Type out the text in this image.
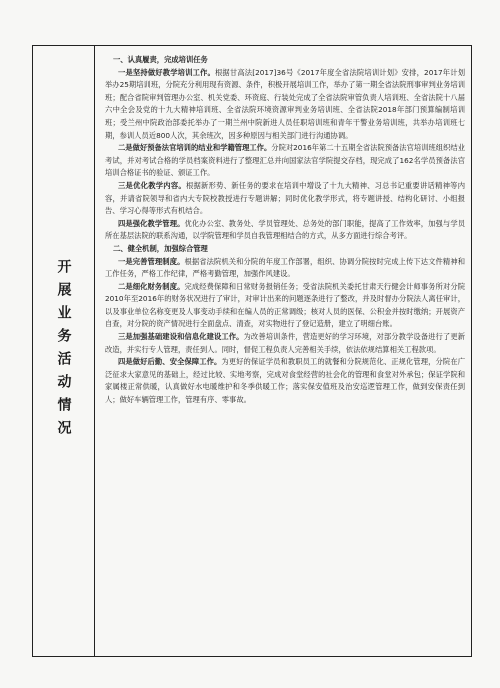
开展业务活动情况

一、认真履责，完成培训任务

一是坚持做好教学培训工作。根据甘高法[2017]36号《2017年度全省法院培训计划》安排，2017年计划举办25期培训班，分院充分利用现有资源、条件，积极开展培训工作，举办了第一期全省法院刑事审判业务培训班；配合省院审判管理办公室、机关党委、环资庭、行装处完成了全省法院审管负责人培训班、全省法院十八届六中全会及党的十九大精神培训班、全省法院环境资源审判业务培训班、全省法院2018年部门预算编制培训班；受兰州中院政治部委托举办了一期兰州中院新进人员任职培训班和青年干警业务培训班，共举办培训班七期，参训人员近800人次，其余班次，因多种原因与相关部门进行沟通协调。

二是做好预备法官培训的结业和学籍管理工作。分院对2016年第二十五期全省法院预备法官培训班组织结业考试，并对考试合格的学员档案资料进行了整理汇总并向国家法官学院提交存档，现完成了162名学员预备法官培训合格证书的验证、颁证工作。

三是优化教学内容。根据新形势、新任务的要求在培训中增设了十九大精神、习总书记重要讲话精神等内容，并请省院领导和省内大专院校教授进行专题讲解；同时优化教学形式，将专题讲授、结构化研讨、小组报告、学习心得等形式有机结合。

四是强化教学管理。优化办公室、教务处、学员管理处、总务处的部门职能，提高了工作效率，加强与学员所在基层法院的联系沟通，以学院管理和学员自我管理相结合的方式，从多方面进行综合考评。

二、健全机制，加强综合管理

一是完善管理制度。根据省法院机关和分院的年度工作部署，组织、协调分院按时完成上传下达文件精神和工作任务，严格工作纪律，严格考勤管理，加强作风建设。

二是细化财务制度。完成经费保障和日常财务报销任务；受省法院机关委托甘肃天行健会计师事务所对分院2010年至2016年的财务状况进行了审计，对审计出来的问题逐条进行了整改，并及时督办分院法人离任审计，以及事业单位名称变更及人事变动手续和在编人员的正常调级；核对人员的医保、公积金并按时缴纳；开展资产自查，对分院的资产情况进行全面盘点、清查，对实物进行了登记造册，建立了明细台账。

三是加强基础建设和信息化建设工作。为改善培训条件，营造更好的学习环境，对部分教学设备进行了更新改造，并实行专人管理，责任到人。同时，督促工程负责人完善相关手续，依法依规结算相关工程款项。

四是做好后勤、安全保障工作。为更好的保证学员和教职员工的就餐和分院规范化、正规化管理，分院在广泛征求大家意见的基础上，经过比较、实地考察，完成对食堂经营的社会化的管理和食堂对外承包；保证学院和家属楼正常供暖，认真做好水电暖维护和冬季供暖工作；落实保安值班及治安巡逻管理工作，做到安保责任到人；做好车辆管理工作，管理有序、零事故。
